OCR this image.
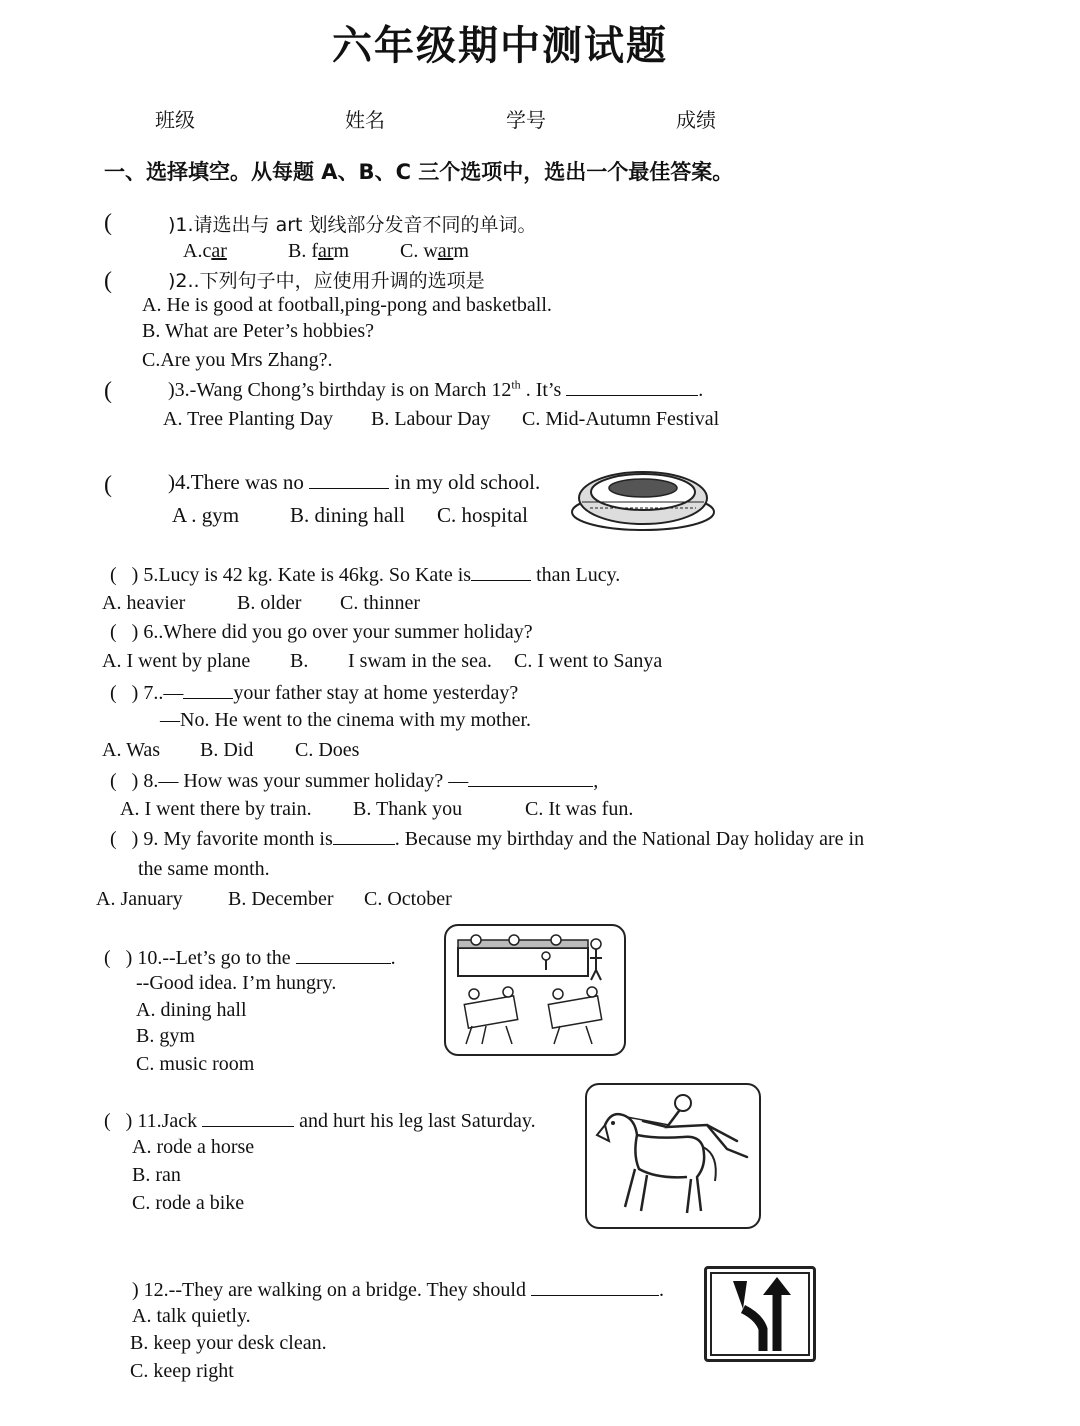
六年级期中测试题
班级	姓名	学号	成绩
一、选择填空。从每题 A、B、C 三个选项中，选出一个最佳答案。
(	)1.请选出与 art 划线部分发音不同的单词。
A.car	B. farm	C. warm
(	)2..下列句子中，应使用升调的选项是
A. He is good at football,ping-pong and basketball.
B. What are Peter’s hobbies?
C.Are you Mrs Zhang?.
(	)3.-Wang Chong’s birthday is on March 12th . It’s	.
A. Tree Planting Day B. Labour Day C. Mid-Autumn Festival
(	)4.There was no	in my old school.
A . gym B. dining hall C. hospital
( ) 5.Lucy is 42 kg. Kate is 46kg. So Kate is	than Lucy.
A. heavier	B. older C. thinner
( ) 6..Where did you go over your summer holiday?
A. I went by plane B. I swam in the sea. C. I went to Sanya
( ) 7..—	your father stay at home yesterday?
—No. He went to the cinema with my mother.
A. Was B. Did C. Does
( ) 8.— How was your summer holiday? —	,
A. I went there by train. B. Thank you	C. It was fun.
( ) 9. My favorite month is	. Because my birthday and the National Day holiday are in
the same month.
A. January B. December C. October
( ) 10.--Let’s go to the	.
--Good idea. I’m hungry.
A. dining hall
B. gym
C. music room
( ) 11.Jack	and hurt his leg last Saturday.
A. rode a horse
B. ran
C. rode a bike
) 12.--They are walking on a bridge. They should	.
A. talk quietly.
B. keep your desk clean.
C. keep right
